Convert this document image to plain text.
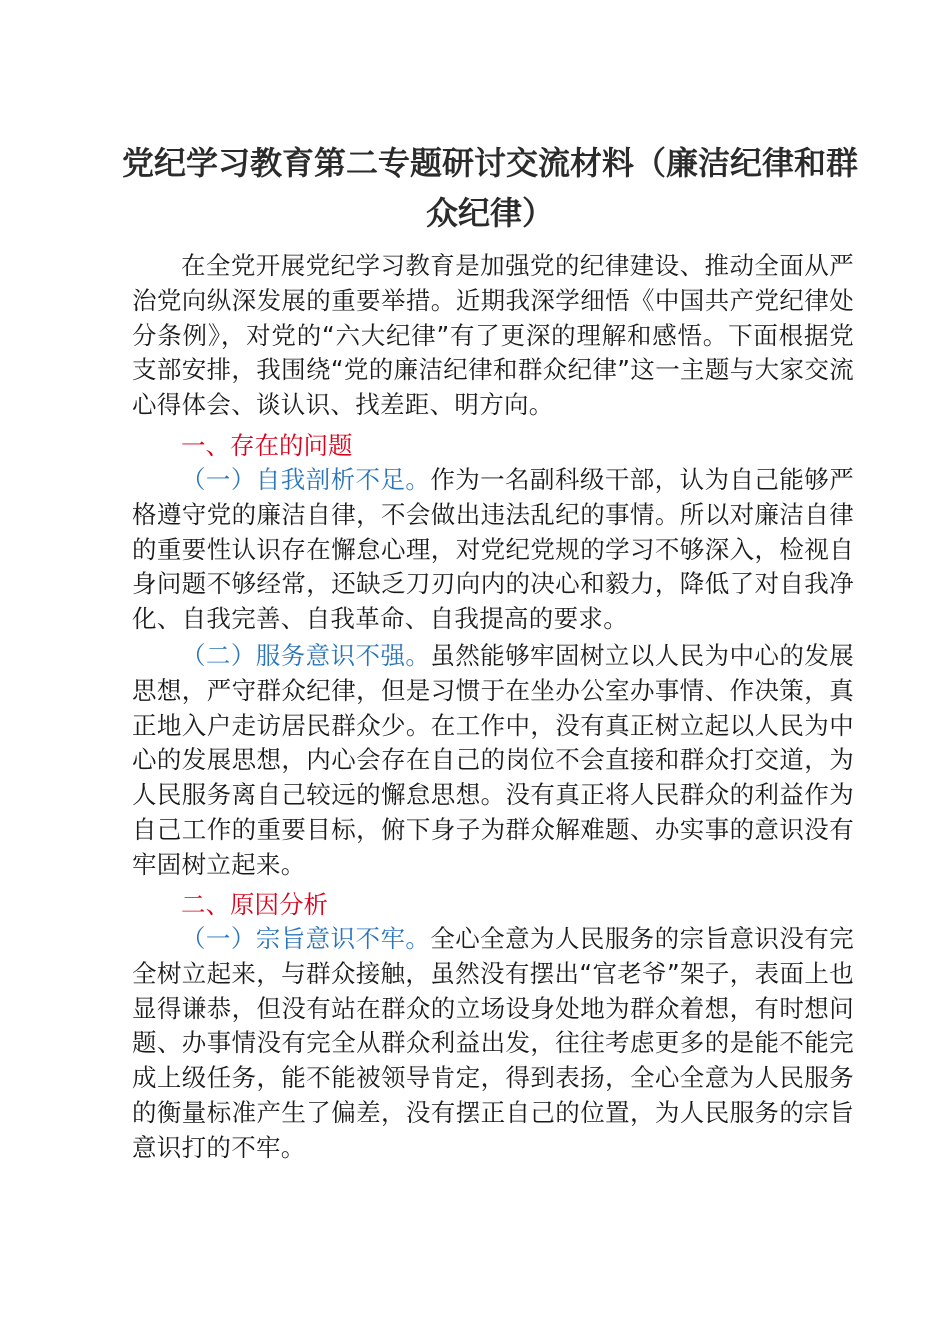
党纪学习教育第二专题研讨交流材料（廉洁纪律和群众纪律）

在全党开展党纪学习教育是加强党的纪律建设、推动全面从严治党向纵深发展的重要举措。近期我深学细悟《中国共产党纪律处分条例》，对党的“六大纪律”有了更深的理解和感悟。下面根据党支部安排，我围绕“党的廉洁纪律和群众纪律”这一主题与大家交流心得体会、谈认识、找差距、明方向。

一、存在的问题

（一）自我剖析不足。作为一名副科级干部，认为自己能够严格遵守党的廉洁自律，不会做出违法乱纪的事情。所以对廉洁自律的重要性认识存在懈怠心理，对党纪党规的学习不够深入，检视自身问题不够经常，还缺乏刀刃向内的决心和毅力，降低了对自我净化、自我完善、自我革命、自我提高的要求。

（二）服务意识不强。虽然能够牢固树立以人民为中心的发展思想，严守群众纪律，但是习惯于在坐办公室办事情、作决策，真正地入户走访居民群众少。在工作中，没有真正树立起以人民为中心的发展思想，内心会存在自己的岗位不会直接和群众打交道，为人民服务离自己较远的懈怠思想。没有真正将人民群众的利益作为自己工作的重要目标，俯下身子为群众解难题、办实事的意识没有牢固树立起来。

二、原因分析

（一）宗旨意识不牢。全心全意为人民服务的宗旨意识没有完全树立起来，与群众接触，虽然没有摆出“官老爷”架子，表面上也显得谦恭，但没有站在群众的立场设身处地为群众着想，有时想问题、办事情没有完全从群众利益出发，往往考虑更多的是能不能完成上级任务，能不能被领导肯定，得到表扬，全心全意为人民服务的衡量标准产生了偏差，没有摆正自己的位置，为人民服务的宗旨意识打的不牢。
